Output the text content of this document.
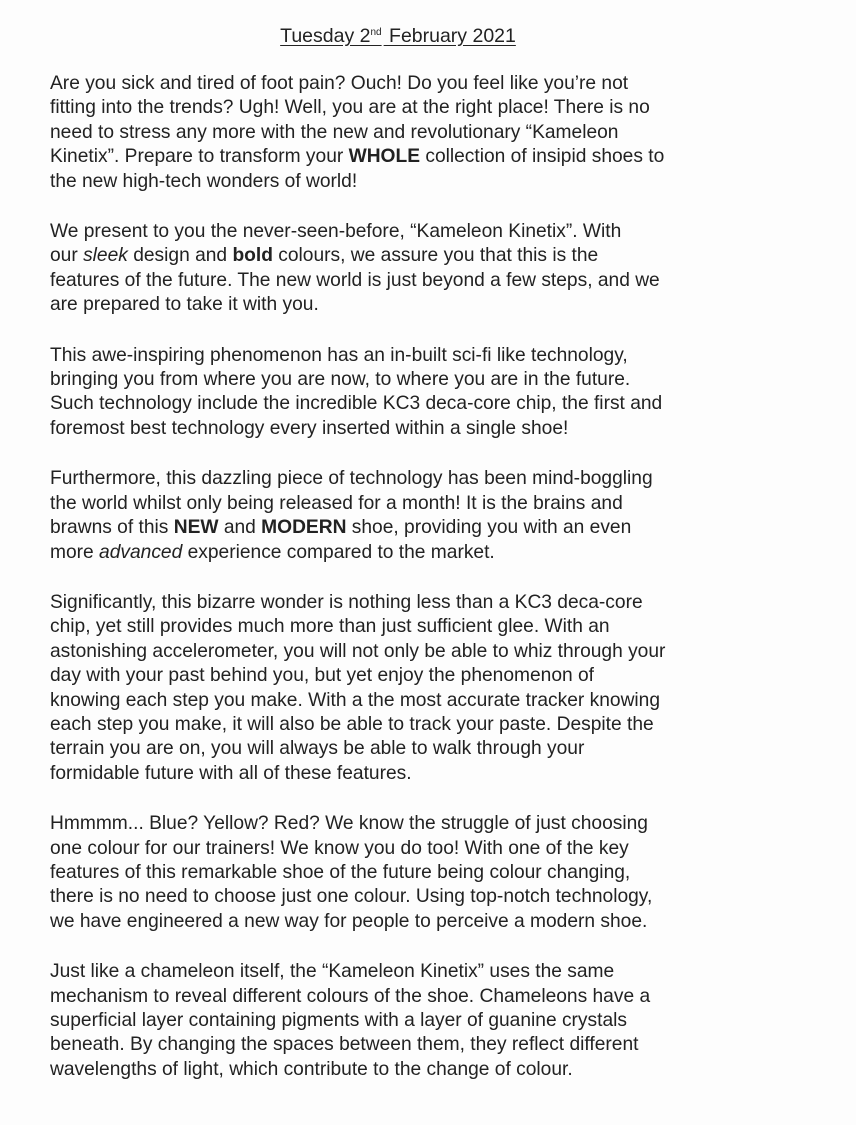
Tuesday 2nd February 2021

Are you sick and tired of foot pain? Ouch! Do you feel like you’re not
fitting into the trends? Ugh! Well, you are at the right place! There is no
need to stress any more with the new and revolutionary “Kameleon
Kinetix”. Prepare to transform your WHOLE collection of insipid shoes to
the new high-tech wonders of world!

We present to you the never-seen-before, “Kameleon Kinetix”. With
our sleek design and bold colours, we assure you that this is the
features of the future. The new world is just beyond a few steps, and we
are prepared to take it with you.

This awe-inspiring phenomenon has an in-built sci-fi like technology,
bringing you from where you are now, to where you are in the future.
Such technology include the incredible KC3 deca-core chip, the first and
foremost best technology every inserted within a single shoe!

Furthermore, this dazzling piece of technology has been mind-boggling
the world whilst only being released for a month! It is the brains and
brawns of this NEW and MODERN shoe, providing you with an even
more advanced experience compared to the market.

Significantly, this bizarre wonder is nothing less than a KC3 deca-core
chip, yet still provides much more than just sufficient glee. With an
astonishing accelerometer, you will not only be able to whiz through your
day with your past behind you, but yet enjoy the phenomenon of
knowing each step you make. With a the most accurate tracker knowing
each step you make, it will also be able to track your paste. Despite the
terrain you are on, you will always be able to walk through your
formidable future with all of these features.

Hmmmm... Blue? Yellow? Red? We know the struggle of just choosing
one colour for our trainers! We know you do too! With one of the key
features of this remarkable shoe of the future being colour changing,
there is no need to choose just one colour. Using top-notch technology,
we have engineered a new way for people to perceive a modern shoe.

Just like a chameleon itself, the “Kameleon Kinetix” uses the same
mechanism to reveal different colours of the shoe. Chameleons have a
superficial layer containing pigments with a layer of guanine crystals
beneath. By changing the spaces between them, they reflect different
wavelengths of light, which contribute to the change of colour.
